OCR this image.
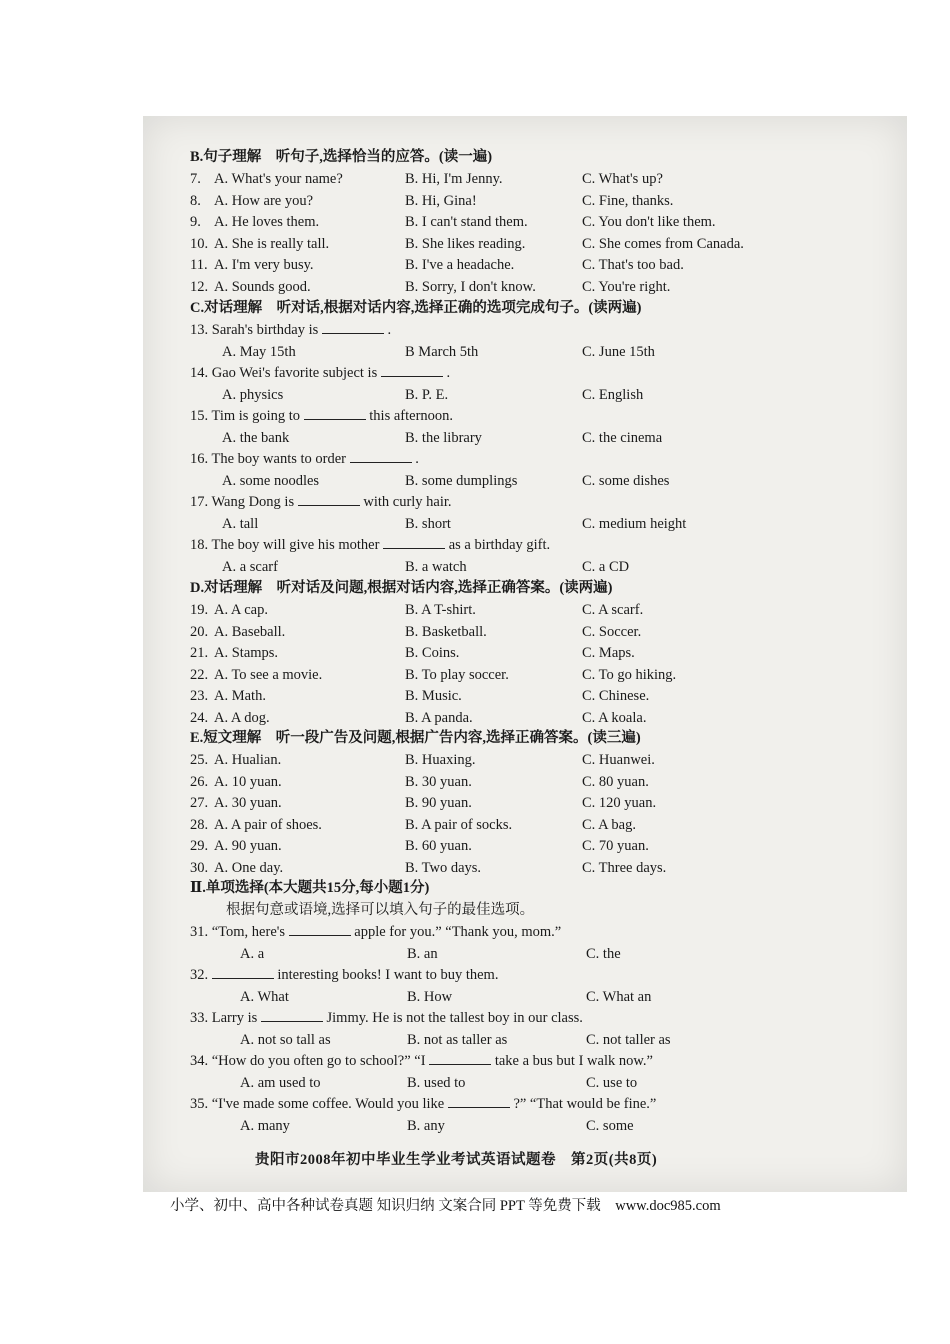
B.句子理解　听句子,选择恰当的应答。(读一遍)
7. A. What's your name?	B. Hi, I'm Jenny.	C. What's up?
8. A. How are you?	B. Hi, Gina!	C. Fine, thanks.
9. A. He loves them.	B. I can't stand them.	C. You don't like them.
10. A. She is really tall.	B. She likes reading.	C. She comes from Canada.
11. A. I'm very busy.	B. I've a headache.	C. That's too bad.
12. A. Sounds good.	B. Sorry, I don't know.	C. You're right.
C.对话理解　听对话,根据对话内容,选择正确的选项完成句子。(读两遍)
13. Sarah's birthday is	.
A. May 15th	B March 5th	C. June 15th
14. Gao Wei's favorite subject is	.
A. physics	B. P. E.	C. English
15. Tim is going to	this afternoon.
A. the bank	B. the library	C. the cinema
16. The boy wants to order	.
A. some noodles	B. some dumplings	C. some dishes
17. Wang Dong is	with curly hair.
A. tall	B. short	C. medium height
18. The boy will give his mother	as a birthday gift.
A. a scarf	B. a watch	C. a CD
D.对话理解　听对话及问题,根据对话内容,选择正确答案。(读两遍)
19. A. A cap.	B. A T-shirt.	C. A scarf.
20. A. Baseball.	B. Basketball.	C. Soccer.
21. A. Stamps.	B. Coins.	C. Maps.
22. A. To see a movie.	B. To play soccer.	C. To go hiking.
23. A. Math.	B. Music.	C. Chinese.
24. A. A dog.	B. A panda.	C. A koala.
E.短文理解　听一段广告及问题,根据广告内容,选择正确答案。(读三遍)
25. A. Hualian.	B. Huaxing.	C. Huanwei.
26. A. 10 yuan.	B. 30 yuan.	C. 80 yuan.
27. A. 30 yuan.	B. 90 yuan.	C. 120 yuan.
28. A. A pair of shoes.	B. A pair of socks.	C. A bag.
29. A. 90 yuan.	B. 60 yuan.	C. 70 yuan.
30. A. One day.	B. Two days.	C. Three days.
Ⅱ.单项选择(本大题共15分,每小题1分)
根据句意或语境,选择可以填入句子的最佳选项。
31. “Tom, here's	apple for you.” “Thank you, mom.”
A. a	B. an	C. the
32.	interesting books! I want to buy them.
A. What	B. How	C. What an
33. Larry is	Jimmy. He is not the tallest boy in our class.
A. not so tall as	B. not as taller as	C. not taller as
34. “How do you often go to school?” “I	take a bus but I walk now.”
A. am used to	B. used to	C. use to
35. “I've made some coffee. Would you like	?” “That would be fine.”
A. many	B. any	C. some
贵阳市2008年初中毕业生学业考试英语试题卷　第2页(共8页)
小学、初中、高中各种试卷真题 知识归纳 文案合同 PPT 等免费下载　www.doc985.com
